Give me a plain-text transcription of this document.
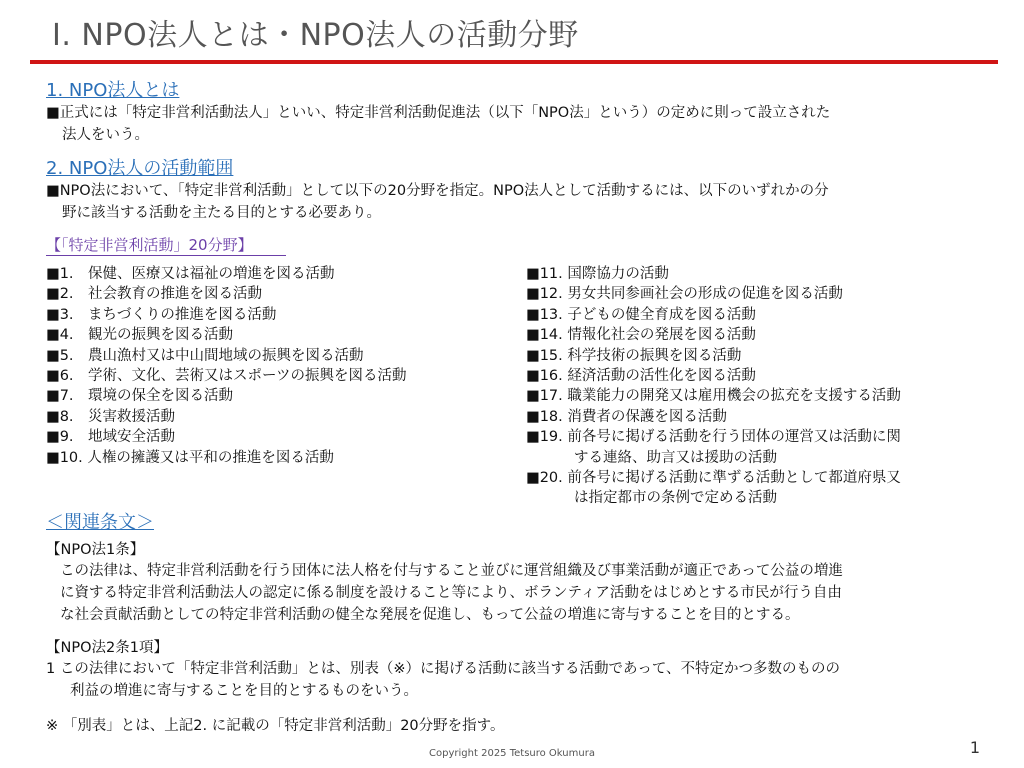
Ⅰ. NPO法人とは・NPO法人の活動分野
1. NPO法人とは
■正式には「特定非営利活動法人」といい、特定非営利活動促進法（以下「NPO法」という）の定めに則って設立された
法人をいう。
2. NPO法人の活動範囲
■NPO法において、「特定非営利活動」として以下の20分野を指定。NPO法人として活動するには、以下のいずれかの分
野に該当する活動を主たる目的とする必要あり。
【「特定非営利活動」20分野】
■1.　保健、医療又は福祉の増進を図る活動
■2.　社会教育の推進を図る活動
■3.　まちづくりの推進を図る活動
■4.　観光の振興を図る活動
■5.　農山漁村又は中山間地域の振興を図る活動
■6.　学術、文化、芸術又はスポーツの振興を図る活動
■7.　環境の保全を図る活動
■8.　災害救援活動
■9.　地域安全活動
■10. 人権の擁護又は平和の推進を図る活動
■11. 国際協力の活動
■12. 男女共同参画社会の形成の促進を図る活動
■13. 子どもの健全育成を図る活動
■14. 情報化社会の発展を図る活動
■15. 科学技術の振興を図る活動
■16. 経済活動の活性化を図る活動
■17. 職業能力の開発又は雇用機会の拡充を支援する活動
■18. 消費者の保護を図る活動
■19. 前各号に掲げる活動を行う団体の運営又は活動に関
する連絡、助言又は援助の活動
■20. 前各号に掲げる活動に準ずる活動として都道府県又
は指定都市の条例で定める活動
＜関連条文＞
【NPO法1条】
この法律は、特定非営利活動を行う団体に法人格を付与すること並びに運営組織及び事業活動が適正であって公益の増進
に資する特定非営利活動法人の認定に係る制度を設けること等により、ボランティア活動をはじめとする市民が行う自由
な社会貢献活動としての特定非営利活動の健全な発展を促進し、もって公益の増進に寄与することを目的とする。
【NPO法2条1項】
1 この法律において「特定非営利活動」とは、別表（※）に掲げる活動に該当する活動であって、不特定かつ多数のものの
利益の増進に寄与することを目的とするものをいう。
※ 「別表」とは、上記2. に記載の「特定非営利活動」20分野を指す。
Copyright 2025 Tetsuro Okumura	1
